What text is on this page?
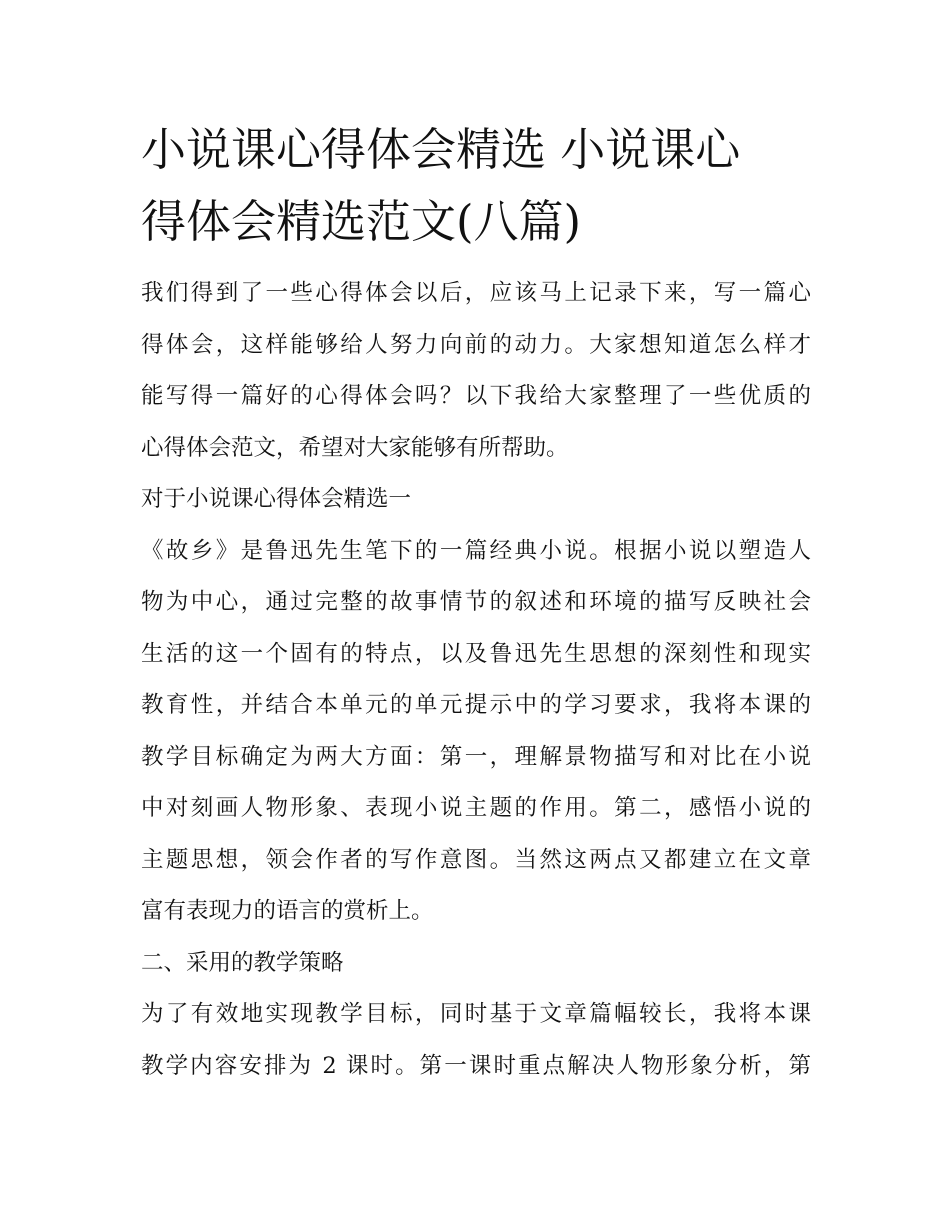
小说课心得体会精选 小说课心
得体会精选范文(八篇)

我们得到了一些心得体会以后，应该马上记录下来，写一篇心
得体会，这样能够给人努力向前的动力。大家想知道怎么样才
能写得一篇好的心得体会吗？以下我给大家整理了一些优质的
心得体会范文，希望对大家能够有所帮助。

对于小说课心得体会精选一

《故乡》是鲁迅先生笔下的一篇经典小说。根据小说以塑造人
物为中心，通过完整的故事情节的叙述和环境的描写反映社会
生活的这一个固有的特点，以及鲁迅先生思想的深刻性和现实
教育性，并结合本单元的单元提示中的学习要求，我将本课的
教学目标确定为两大方面：第一，理解景物描写和对比在小说
中对刻画人物形象、表现小说主题的作用。第二，感悟小说的
主题思想，领会作者的写作意图。当然这两点又都建立在文章
富有表现力的语言的赏析上。

二、采用的教学策略

为了有效地实现教学目标，同时基于文章篇幅较长，我将本课
教学内容安排为 2 课时。第一课时重点解决人物形象分析，第
